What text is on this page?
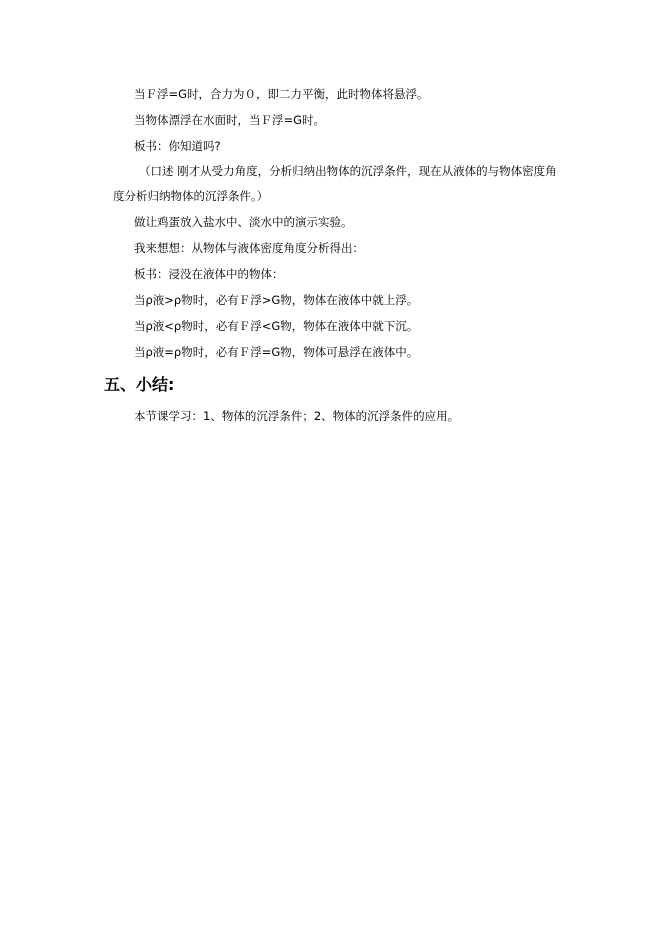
当Ｆ浮=G时，合力为０，即二力平衡，此时物体将悬浮。
当物体漂浮在水面时，当Ｆ浮=G时。
板书：你知道吗?
（口述 刚才从受力角度，分析归纳出物体的沉浮条件，现在从液体的与物体密度角
度分析归纳物体的沉浮条件。）
做让鸡蛋放入盐水中、淡水中的演示实验。
我来想想：从物体与液体密度角度分析得出：
板书：浸没在液体中的物体：
当ρ液>ρ物时，必有Ｆ浮>G物，物体在液体中就上浮。
当ρ液<ρ物时，必有Ｆ浮<G物，物体在液体中就下沉。
当ρ液=ρ物时，必有Ｆ浮=G物，物体可悬浮在液体中。
五、小结:
本节课学习：1、物体的沉浮条件；2、物体的沉浮条件的应用。
